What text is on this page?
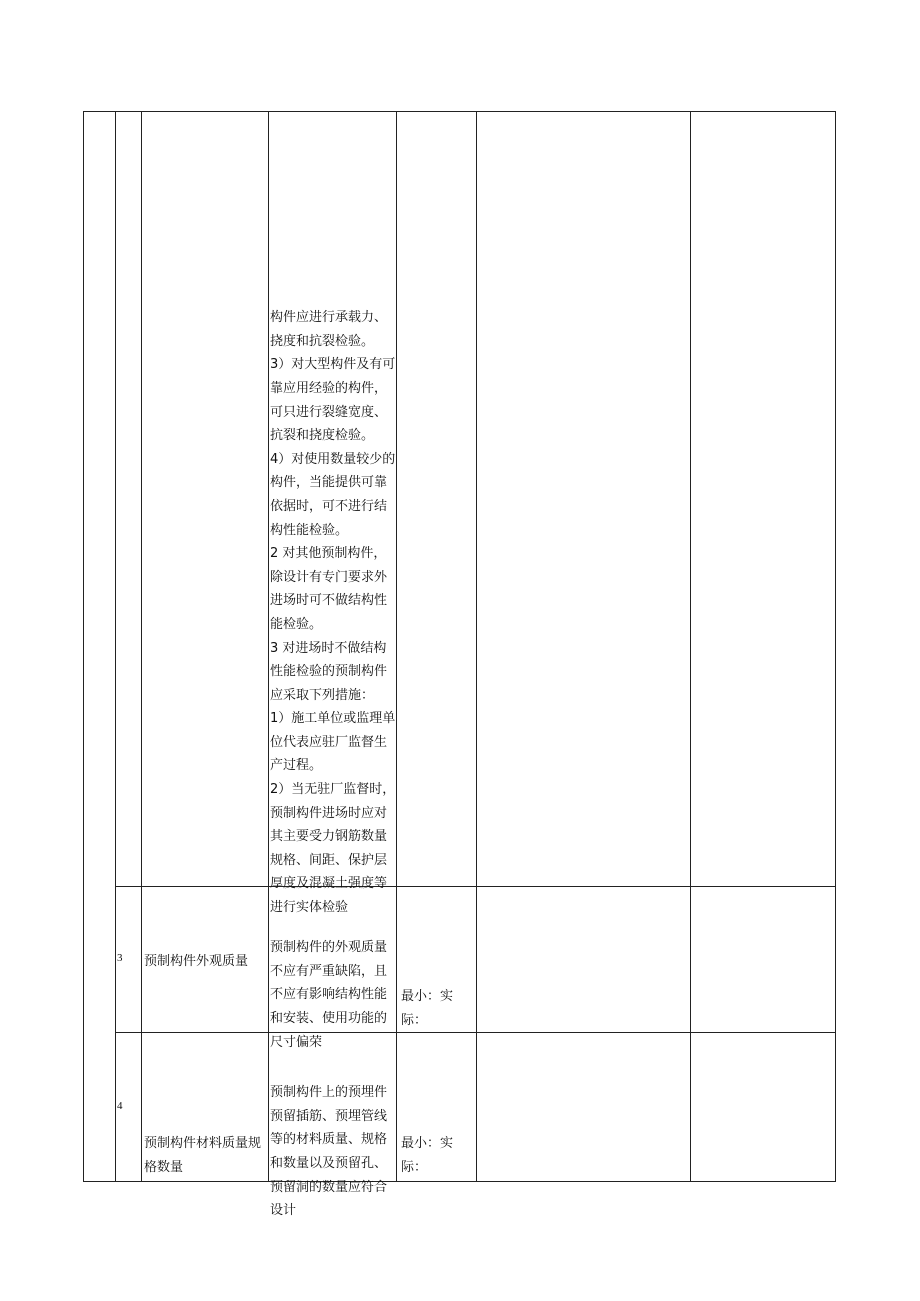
构件应进行承载力、
挠度和抗裂检验。
3）对大型构件及有可
靠应用经验的构件，
可只进行裂缝宽度、
抗裂和挠度检验。
4）对使用数量较少的
构件，当能提供可靠
依据时，可不进行结
构性能检验。
2 对其他预制构件，
除设计有专门要求外
进场时可不做结构性
能检验。
3 对进场时不做结构
性能检验的预制构件
应采取下列措施：
1）施工单位或监理单
位代表应驻厂监督生
产过程。
2）当无驻厂监督时，
预制构件进场时应对
其主要受力钢筋数量
规格、间距、保护层
厚度及混凝土强度等
进行实体检验

3 预制构件外观质量

预制构件的外观质量
不应有严重缺陷，且
不应有影响结构性能
和安装、使用功能的
尺寸偏荣

最小：实
际：

4

预制构件材料质量规
格数量

预制构件上的预埋件
预留插筋、预埋管线
等的材料质量、规格
和数量以及预留孔、
预留洞的数量应符合
设计

最小：实
际：
